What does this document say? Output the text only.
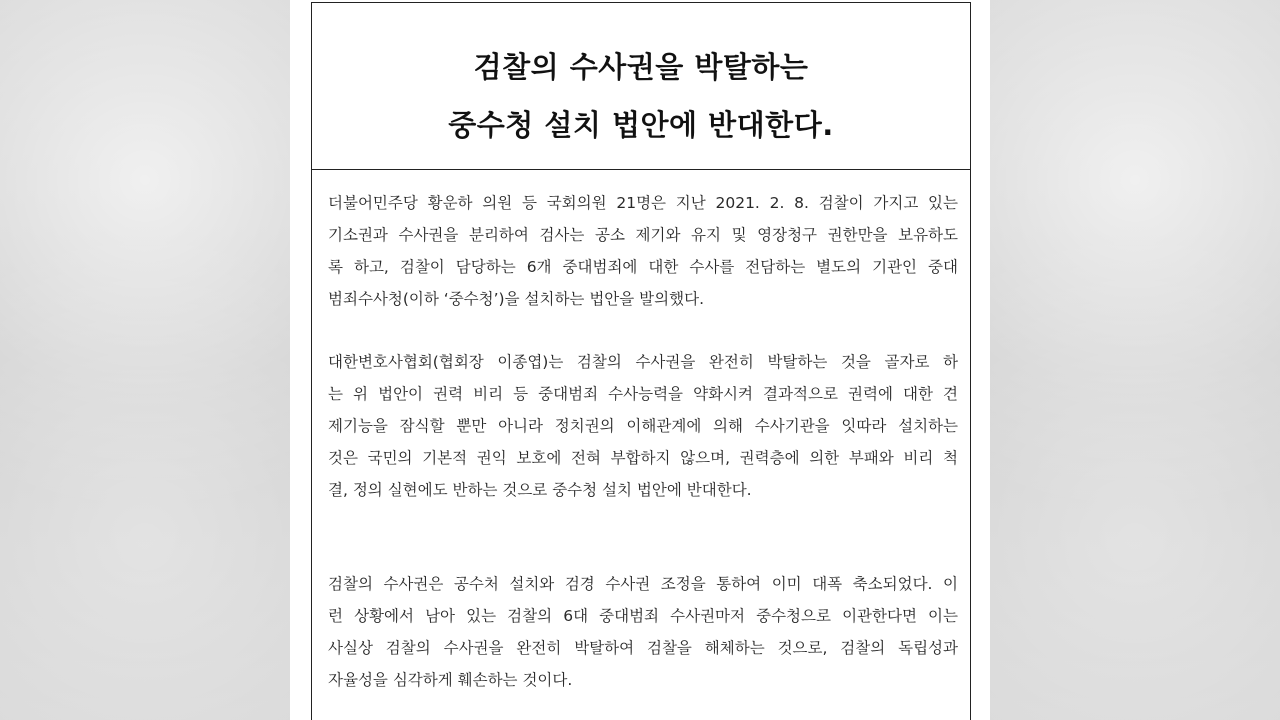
검찰의 수사권을 박탈하는
중수청 설치 법안에 반대한다.
더불어민주당 황운하 의원 등 국회의원 21명은 지난 2021. 2. 8. 검찰이 가지고 있는
기소권과 수사권을 분리하여 검사는 공소 제기와 유지 및 영장청구 권한만을 보유하도
록 하고, 검찰이 담당하는 6개 중대범죄에 대한 수사를 전담하는 별도의 기관인 중대
범죄수사청(이하 ‘중수청’)을 설치하는 법안을 발의했다.
대한변호사협회(협회장 이종엽)는 검찰의 수사권을 완전히 박탈하는 것을 골자로 하
는 위 법안이 권력 비리 등 중대범죄 수사능력을 약화시켜 결과적으로 권력에 대한 견
제기능을 잠식할 뿐만 아니라 정치권의 이해관계에 의해 수사기관을 잇따라 설치하는
것은 국민의 기본적 권익 보호에 전혀 부합하지 않으며, 권력층에 의한 부패와 비리 척
결, 정의 실현에도 반하는 것으로 중수청 설치 법안에 반대한다.
검찰의 수사권은 공수처 설치와 검경 수사권 조정을 통하여 이미 대폭 축소되었다. 이
런 상황에서 남아 있는 검찰의 6대 중대범죄 수사권마저 중수청으로 이관한다면 이는
사실상 검찰의 수사권을 완전히 박탈하여 검찰을 해체하는 것으로, 검찰의 독립성과
자율성을 심각하게 훼손하는 것이다.
